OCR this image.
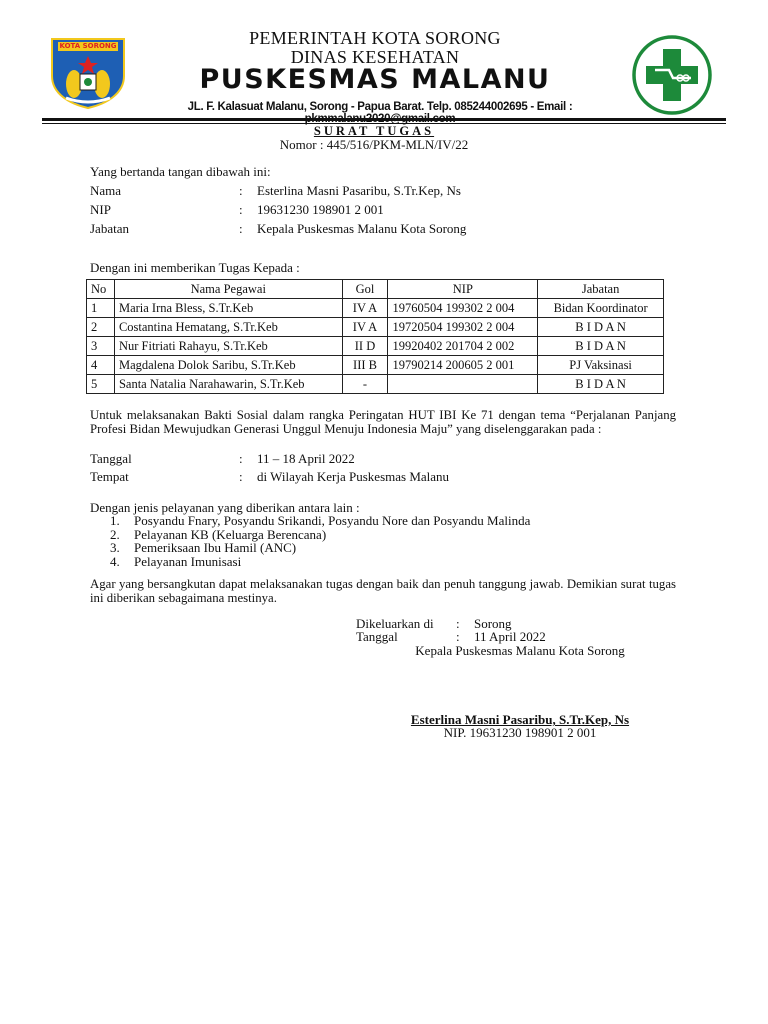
KOTA SORONG	PEMERINTAH KOTA SORONG
DINAS KESEHATAN
PUSKESMAS MALANU
JL. F. Kalasuat Malanu, Sorong - Papua Barat. Telp. 085244002695 - Email :
SURAT TUGAS
Nomor : 445/516/PKM-MLN/IV/22
Yang bertanda tangan dibawah ini:
Nama	: Esterlina Masni Pasaribu, S.Tr.Kep, Ns
NIP	: 19631230 198901 2 001
Jabatan	: Kepala Puskesmas Malanu Kota Sorong
Dengan ini memberikan Tugas Kepada :
No	Nama Pegawai	Gol	NIP	Jabatan
1	Maria Irna Bless, S.Tr.Keb	IV A	19760504 199302 2 004	Bidan Koordinator
2	Costantina Hematang, S.Tr.Keb	IV A	19720504 199302 2 004	B I D A N
3	Nur Fitriati Rahayu, S.Tr.Keb	II D	19920402 201704 2 002	B I D A N
4	Magdalena Dolok Saribu, S.Tr.Keb	III B	19790214 200605 2 001	PJ Vaksinasi
5	Santa Natalia Narahawarin, S.Tr.Keb	-		B I D A N
Untuk melaksanakan Bakti Sosial dalam rangka Peringatan HUT IBI Ke 71 dengan tema “Perjalanan Panjang Profesi Bidan Mewujudkan Generasi Unggul Menuju Indonesia Maju” yang diselenggarakan pada :
Tanggal	: 11 – 18 April 2022
Tempat	: di Wilayah Kerja Puskesmas Malanu
Dengan jenis pelayanan yang diberikan antara lain :
1. Posyandu Fnary, Posyandu Srikandi, Posyandu Nore dan Posyandu Malinda
2. Pelayanan KB (Keluarga Berencana)
3. Pemeriksaan Ibu Hamil (ANC)
4. Pelayanan Imunisasi
Agar yang bersangkutan dapat melaksanakan tugas dengan baik dan penuh tanggung jawab. Demikian surat tugas ini diberikan sebagaimana mestinya.
Dikeluarkan di : Sorong
Tanggal	: 11 April 2022
Kepala Puskesmas Malanu Kota Sorong
Esterlina Masni Pasaribu, S.Tr.Kep, Ns
NIP. 19631230 198901 2 001
